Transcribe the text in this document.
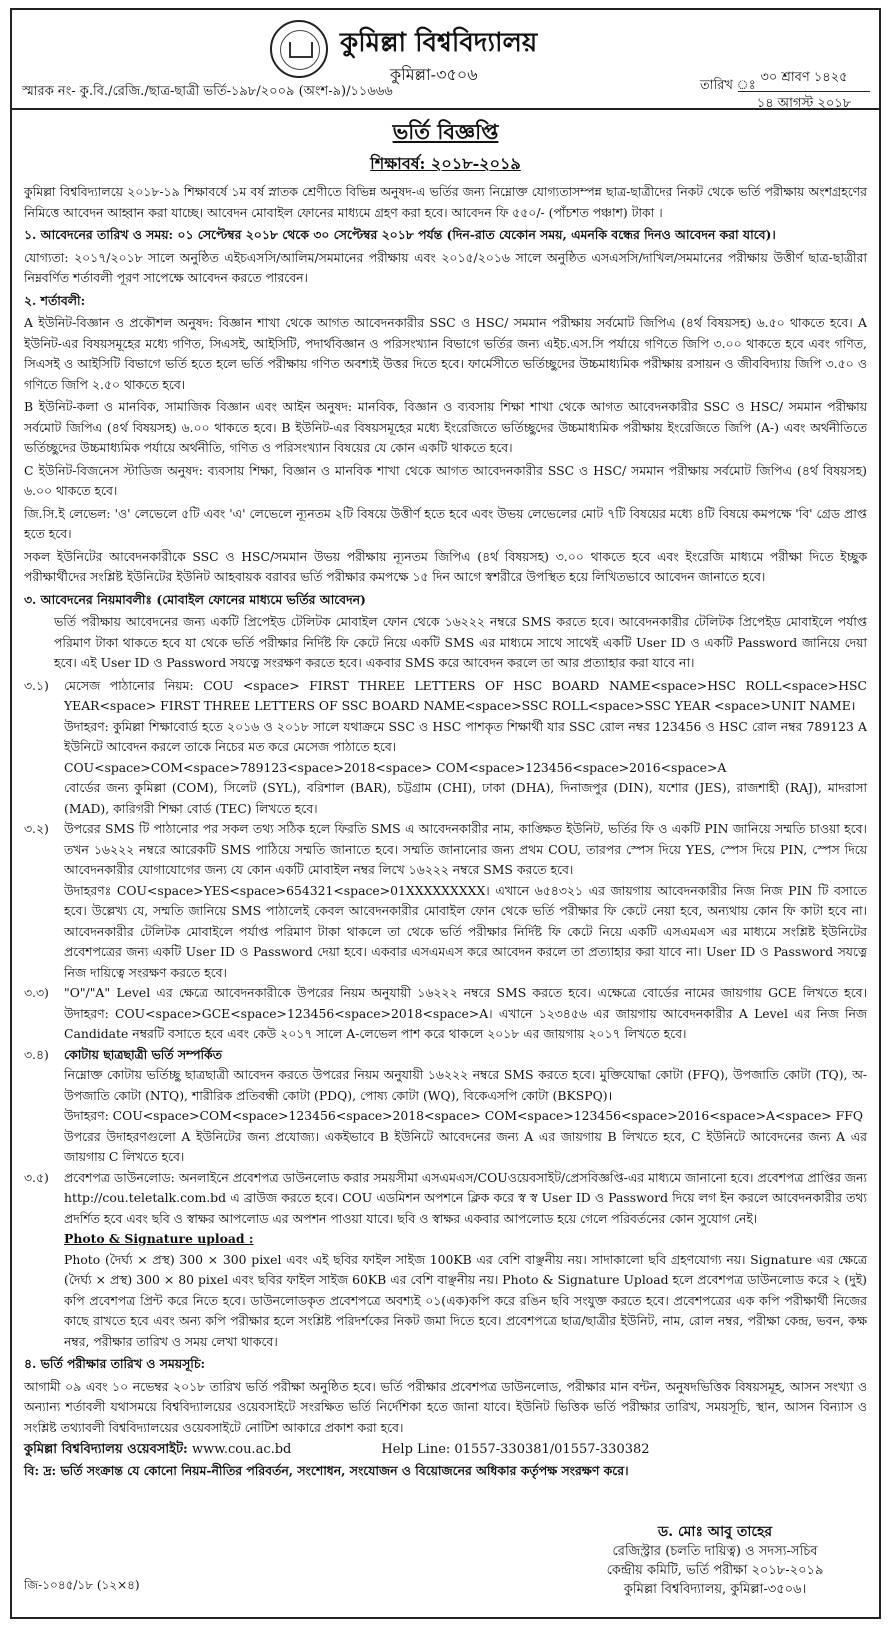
কুমিল্লা বিশ্ববিদ্যালয়
কুমিল্লা-৩৫০৬
স্মারক নং- কু.বি./রেজি./ছাত্র-ছাত্রী ভর্তি-১৯৮/২০০৯ (অংশ-৯)/১১৬৬৬	তারিখ ঃ
৩০ শ্রাবণ ১৪২৫
১৪ আগস্ট ২০১৮
ভর্তি বিজ্ঞপ্তি
শিক্ষাবর্ষ: ২০১৮-২০১৯

কুমিল্লা বিশ্ববিদ্যালয়ে ২০১৮-১৯ শিক্ষাবর্ষে ১ম বর্ষ স্নাতক শ্রেণীতে বিভিন্ন অনুষদ-এ ভর্তির জন্য নিম্নোক্ত যোগ্যতাসম্পন্ন ছাত্র-ছাত্রীদের নিকট থেকে ভর্তি পরীক্ষায় অংশগ্রহণের নিমিত্তে আবেদন আহ্বান করা যাচ্ছে। আবেদন মোবাইল ফোনের মাধ্যমে গ্রহণ করা হবে। আবেদন ফি ৫৫০/- (পাঁচশত পঞ্চাশ) টাকা ।

১. আবেদনের তারিখ ও সময়: ০১ সেপ্টেম্বর ২০১৮ থেকে ৩০ সেপ্টেম্বর ২০১৮ পর্যন্ত (দিন-রাত যেকোন সময়, এমনকি বন্ধের দিনও আবেদন করা যাবে)।

যোগ্যতা: ২০১৭/২০১৮ সালে অনুষ্ঠিত এইচএসসি/আলিম/সমমানের পরীক্ষায় এবং ২০১৫/২০১৬ সালে অনুষ্ঠিত এসএসসি/দাখিল/সমমানের পরীক্ষায় উত্তীর্ণ ছাত্র-ছাত্রীরা নিম্নবর্ণিত শর্তাবলী পূরণ সাপেক্ষে আবেদন করতে পারবেন।

২. শর্তাবলী:

A ইউনিট-বিজ্ঞান ও প্রকৌশল অনুষদ: বিজ্ঞান শাখা থেকে আগত আবেদনকারীর SSC ও HSC/ সমমান পরীক্ষায় সর্বমোট জিপিএ (৪র্থ বিষয়সহ) ৬.৫০ থাকতে হবে। A ইউনিট-এর বিষয়সমূহের মধ্যে গণিত, সিএসই, আইসিটি, পদার্থবিজ্ঞান ও পরিসংখ্যান বিভাগে ভর্তির জন্য এইচ.এস.সি পর্যায়ে গণিতে জিপি ৩.০০ থাকতে হবে এবং গণিত, সিএসই ও আইসিটি বিভাগে ভর্তি হতে হলে ভর্তি পরীক্ষায় গণিত অবশ্যই উত্তর দিতে হবে। ফার্মেসীতে ভর্তিচ্ছুদের উচ্চমাধ্যমিক পরীক্ষায় রসায়ন ও জীববিদ্যায় জিপি ৩.৫০ ও গণিতে জিপি ২.৫০ থাকতে হবে।

B ইউনিট-কলা ও মানবিক, সামাজিক বিজ্ঞান এবং আইন অনুষদ: মানবিক, বিজ্ঞান ও ব্যবসায় শিক্ষা শাখা থেকে আগত আবেদনকারীর SSC ও HSC/ সমমান পরীক্ষায় সর্বমোট জিপিএ (৪র্থ বিষয়সহ) ৬.০০ থাকতে হবে। B ইউনিট-এর বিষয়সমূহের মধ্যে ইংরেজিতে ভর্তিচ্ছুদের উচ্চমাধ্যমিক পরীক্ষায় ইংরেজিতে জিপি (A-) এবং অর্থনীতিতে ভর্তিচ্ছুদের উচ্চমাধ্যমিক পর্যায়ে অর্থনীতি, গণিত ও পরিসংখ্যান বিষয়ের যে কোন একটি থাকতে হবে।

C ইউনিট-বিজনেস স্টাডিজ অনুষদ: ব্যবসায় শিক্ষা, বিজ্ঞান ও মানবিক শাখা থেকে আগত আবেদনকারীর SSC ও HSC/ সমমান পরীক্ষায় সর্বমোট জিপিএ (৪র্থ বিষয়সহ) ৬.০০ থাকতে হবে।

জি.সি.ই লেভেল: 'ও' লেভেলে ৫টি এবং 'এ' লেভেলে ন্যূনতম ২টি বিষয়ে উত্তীর্ণ হতে হবে এবং উভয় লেভেলের মোট ৭টি বিষয়ের মধ্যে ৪টি বিষয়ে কমপক্ষে 'বি' গ্রেড প্রাপ্ত হতে হবে।

সকল ইউনিটের আবেদনকারীকে SSC ও HSC/সমমান উভয় পরীক্ষায় ন্যূনতম জিপিএ (৪র্থ বিষয়সহ) ৩.০০ থাকতে হবে এবং ইংরেজি মাধ্যমে পরীক্ষা দিতে ইচ্ছুক পরীক্ষার্থীদের সংশ্লিষ্ট ইউনিটের ইউনিট আহবায়ক বরাবর ভর্তি পরীক্ষার কমপক্ষে ১৫ দিন আগে স্বশরীরে উপস্থিত হয়ে লিখিতভাবে আবেদন জানাতে হবে।

৩. আবেদনের নিয়মাবলীঃ (মোবাইল ফোনের মাধ্যমে ভর্তির আবেদন)

ভর্তি পরীক্ষায় আবেদনের জন্য একটি প্রিপেইড টেলিটক মোবাইল ফোন থেকে ১৬২২২ নম্বরে SMS করতে হবে। আবেদনকারীর টেলিটক প্রিপেইড মোবাইলে পর্যাপ্ত পরিমাণ টাকা থাকতে হবে যা থেকে ভর্তি পরীক্ষার নির্দিষ্ট ফি কেটে নিয়ে একটি SMS এর মাধ্যমে সাথে সাথেই একটি User ID ও একটি Password জানিয়ে দেয়া হবে। এই User ID ও Password সযত্নে সংরক্ষণ করতে হবে। একবার SMS করে আবেদন করলে তা আর প্রত্যাহার করা যাবে না।

৩.১)	মেসেজ পাঠানোর নিয়ম: COU <space> FIRST THREE LETTERS OF HSC BOARD NAME<space>HSC ROLL<space>HSC YEAR<space> FIRST THREE LETTERS OF SSC BOARD NAME<space>SSC ROLL<space>SSC YEAR <space>UNIT NAME।
উদাহরণ: কুমিল্লা শিক্ষাবোর্ড হতে ২০১৬ ও ২০১৮ সালে যথাক্রমে SSC ও HSC পাশকৃত শিক্ষার্থী যার SSC রোল নম্বর 123456 ও HSC রোল নম্বর 789123 A ইউনিটে আবেদন করলে তাকে নিচের মত করে মেসেজ পাঠাতে হবে।
COU<space>COM<space>789123<space>2018<space> COM<space>123456<space>2016<space>A
বোর্ডের জন্য কুমিল্লা (COM), সিলেট (SYL), বরিশাল (BAR), চট্টগ্রাম (CHI), ঢাকা (DHA), দিনাজপুর (DIN), যশোর (JES), রাজশাহী (RAJ), মাদরাসা (MAD), কারিগরী শিক্ষা বোর্ড (TEC) লিখতে হবে।
৩.২)	উপরের SMS টি পাঠানোর পর সকল তথ্য সঠিক হলে ফিরতি SMS এ আবেদনকারীর নাম, কাঙ্ক্ষিত ইউনিট, ভর্তির ফি ও একটি PIN জানিয়ে সম্মতি চাওয়া হবে। তখন ১৬২২২ নম্বরে আরেকটি SMS পাঠিয়ে সম্মতি জানাতে হবে। সম্মতি জানানোর জন্য প্রথম COU, তারপর স্পেস দিয়ে YES, স্পেস দিয়ে PIN, স্পেস দিয়ে আবেদনকারীর যোগাযোগের জন্য যে কোন একটি মোবাইল নম্বর লিখে ১৬২২২ নম্বরে SMS করতে হবে।
উদাহরণঃ COU<space>YES<space>654321<space>01XXXXXXXXX। এখানে ৬৫৪৩২১ এর জায়গায় আবেদনকারীর নিজ নিজ PIN টি বসাতে হবে। উল্লেখ্য যে, সম্মতি জানিয়ে SMS পাঠালেই কেবল আবেদনকারীর মোবাইল ফোন থেকে ভর্তি পরীক্ষার ফি কেটে নেয়া হবে, অন্যথায় কোন ফি কাটা হবে না। আবেদনকারীর টেলিটক মোবাইলে পর্যাপ্ত পরিমাণ টাকা থাকলে তা থেকে ভর্তি পরীক্ষার নির্দিষ্ট ফি কেটে নিয়ে একটি এসএমএস এর মাধ্যমে সংশ্লিষ্ট ইউনিটের প্রবেশপত্রের জন্য একটি User ID ও Password দেয়া হবে। একবার এসএমএস করে আবেদন করলে তা প্রত্যাহার করা যাবে না। User ID ও Password সযত্নে নিজ দায়িত্বে সংরক্ষণ করতে হবে।
৩.৩)	"O"/"A" Level এর ক্ষেত্রে আবেদনকারীকে উপরের নিয়ম অনুযায়ী ১৬২২২ নম্বরে SMS করতে হবে। এক্ষেত্রে বোর্ডের নামের জায়গায় GCE লিখতে হবে। উদাহরণ: COU<space>GCE<space>123456<space>2018<space>A। এখানে ১২৩৪৫৬ এর জায়গায় আবেদনকারীর A Level এর নিজ নিজ Candidate নম্বরটি বসাতে হবে এবং কেউ ২০১৭ সালে A-লেভেল পাশ করে থাকলে ২০১৮ এর জায়গায় ২০১৭ লিখতে হবে।
৩.৪)	কোটায় ছাত্রছাত্রী ভর্তি সম্পর্কিত
নিম্নোক্ত কোটায় ভর্তিচ্ছু ছাত্রছাত্রী আবেদন করতে উপরের নিয়ম অনুযায়ী ১৬২২২ নম্বরে SMS করতে হবে। মুক্তিযোদ্ধা কোটা (FFQ), উপজাতি কোটা (TQ), অ-উপজাতি কোটা (NTQ), শারীরিক প্রতিবন্ধী কোটা (PDQ), পোষ্য কোটা (WQ), বিকেএসপি কোটা (BKSPQ)।
উদাহরণ: COU<space>COM<space>123456<space>2018<space> COM<space>123456<space>2016<space>A<space> FFQ
উপরের উদাহরণগুলো A ইউনিটের জন্য প্রযোজ্য। একইভাবে B ইউনিটে আবেদনের জন্য A এর জায়গায় B লিখতে হবে, C ইউনিটে আবেদনের জন্য A এর জায়গায় C লিখতে হবে।
৩.৫)	প্রবেশপত্র ডাউনলোড: অনলাইনে প্রবেশপত্র ডাউনলোড করার সময়সীমা এসএমএস/COUওয়েবসাইট/প্রেসবিজ্ঞপ্তি-এর মাধ্যমে জানানো হবে। প্রবেশপত্র প্রাপ্তির জন্য http://cou.teletalk.com.bd এ ব্রাউজ করতে হবে। COU এডমিশন অপশনে ক্লিক করে স্ব স্ব User ID ও Password দিয়ে লগ ইন করলে আবেদনকারীর তথ্য প্রদর্শিত হবে এবং ছবি ও স্বাক্ষর আপলোড এর অপশন পাওয়া যাবে। ছবি ও স্বাক্ষর একবার আপলোড হয়ে গেলে পরিবর্তনের কোন সুযোগ নেই।
Photo & Signature upload :
Photo (দৈর্ঘ্য × প্রস্থ) 300 × 300 pixel এবং এই ছবির ফাইল সাইজ 100KB এর বেশি বাঞ্ছনীয় নয়। সাদাকালো ছবি গ্রহণযোগ্য নয়। Signature এর ক্ষেত্রে (দৈর্ঘ্য × প্রস্থ) 300 × 80 pixel এবং ছবির ফাইল সাইজ 60KB এর বেশি বাঞ্ছনীয় নয়। Photo & Signature Upload হলে প্রবেশপত্র ডাউনলোড করে ২ (দুই) কপি প্রবেশপত্র প্রিন্ট করে নিতে হবে। ডাউনলোডকৃত প্রবেশপত্রে অবশ্যই ০১(এক)কপি করে রঙিন ছবি সংযুক্ত করতে হবে। প্রবেশপত্রের এক কপি পরীক্ষার্থী নিজের কাছে রাখতে হবে এবং অন্য কপি পরীক্ষার হলে সংশ্লিষ্ট পরিদর্শকের নিকট জমা দিতে হবে। প্রবেশপত্রে ছাত্র/ছাত্রীর ইউনিট, নাম, রোল নম্বর, পরীক্ষা কেন্দ্র, ভবন, কক্ষ নম্বর, পরীক্ষার তারিখ ও সময় লেখা থাকবে।

৪. ভর্তি পরীক্ষার তারিখ ও সময়সূচি:

আগামী ০৯ এবং ১০ নভেম্বর ২০১৮ তারিখ ভর্তি পরীক্ষা অনুষ্ঠিত হবে। ভর্তি পরীক্ষার প্রবেশপত্র ডাউনলোড, পরীক্ষার মান বন্টন, অনুষদভিত্তিক বিষয়সমূহ, আসন সংখ্যা ও অন্যান্য শর্তাবলী যথাসময়ে বিশ্ববিদ্যালয়ের ওয়েবসাইটে সংরক্ষিত ভর্তি নির্দেশিকা হতে জানা যাবে। ইউনিট ভিত্তিক ভর্তি পরীক্ষার তারিখ, সময়সূচি, স্থান, আসন বিন্যাস ও সংশ্লিষ্ট তথ্যাবলী বিশ্ববিদ্যালয়ের ওয়েবসাইটে নোটিশ আকারে প্রকাশ করা হবে।

কুমিল্লা বিশ্ববিদ্যালয় ওয়েবসাইট: www.cou.ac.bd	Help Line: 01557-330381/01557-330382

বি: দ্র: ভর্তি সংক্রান্ত যে কোনো নিয়ম-নীতির পরিবর্তন, সংশোধন, সংযোজন ও বিয়োজনের অধিকার কর্তৃপক্ষ সংরক্ষণ করে।

ড. মোঃ আবু তাহের
রেজিস্ট্রার (চলতি দায়িত্ব) ও সদস্য-সচিব
কেন্দ্রীয় কমিটি, ভর্তি পরীক্ষা ২০১৮-২০১৯
কুমিল্লা বিশ্ববিদ্যালয়, কুমিল্লা-৩৫০৬।
জি-১০৪৫/১৮ (১২×৪)
